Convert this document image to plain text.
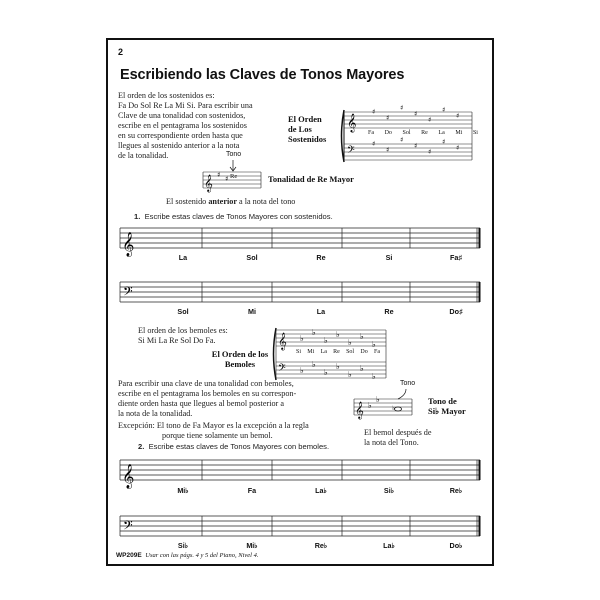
2
Escribiendo las Claves de Tonos Mayores
El orden de los sostenidos es:
Fa Do Sol Re La Mi Si. Para escribir una
Clave de una tonalidad con sostenidos,
escribe en el pentagrama los sostenidos
en su correspondiente orden hasta que
llegues al sostenido anterior a la nota
de la tonalidad.
El Orden
de Los
Sostenidos
𝄞
𝄢
♯
♯
♯
♯
♯
♯
♯
♯
♯
♯
♯
♯
♯
♯
Fa Do Sol Re La Mi Si
Tono
𝄞 ♯ ♯ Re	Tonalidad de Re Mayor
El sostenido anterior a la nota del tono
1. Escribe estas claves de Tonos Mayores con sostenidos.
𝄞
La	Sol	Re	Si	Fa♯
𝄢
Sol	Mi	La	Re	Do♯
El orden de los bemoles es:
Si Mi La Re Sol Do Fa.	𝄞
𝄢
♭
♭
♭
♭
♭
♭
♭
♭
♭
♭
♭
♭
♭
♭
Si Mi La Re Sol Do Fa
El Orden de los
Bemoles
Para escribir una clave de una tonalidad con bemoles,
escribe en el pentagrama los bemoles en su correspon-
diente orden hasta que llegues al bemol posterior a
la nota de la tonalidad.
Excepción: El tono de Fa Mayor es la excepción a la regla
porque tiene solamente un bemol.
Tono
𝄞 ♭
♭
♭
Tono de
Si♭ Mayor
El bemol después de
la nota del Tono.
2. Escribe estas claves de Tonos Mayores con bemoles.
𝄞
Mi♭	Fa	La♭	Si♭	Re♭
𝄢
Si♭	Mi♭	Re♭	La♭	Do♭
WP209E Usar con las págs. 4 y 5 del Piano, Nivel 4.
